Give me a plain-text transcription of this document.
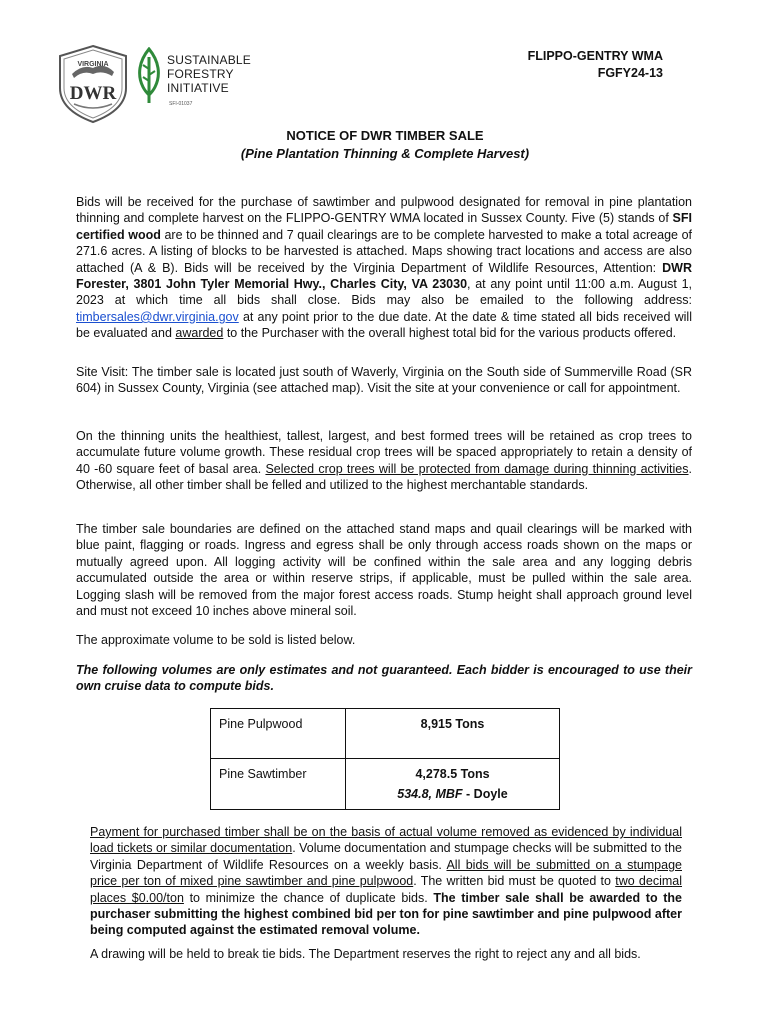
VIRGINIA
DWR
SUSTAINABLE
FORESTRY
INITIATIVE
SFI-01037
FLIPPO-GENTRY WMA
FGFY24-13
NOTICE OF DWR TIMBER SALE
(Pine Plantation Thinning & Complete Harvest)
Bids will be received for the purchase of sawtimber and pulpwood designated for removal in pine plantation thinning and complete harvest on the FLIPPO-GENTRY WMA located in Sussex County. Five (5) stands of SFI certified wood are to be thinned and 7 quail clearings are to be complete harvested to make a total acreage of 271.6 acres. A listing of blocks to be harvested is attached. Maps showing tract locations and access are also attached (A & B). Bids will be received by the Virginia Department of Wildlife Resources, Attention: DWR Forester, 3801 John Tyler Memorial Hwy., Charles City, VA 23030, at any point until 11:00 a.m. August 1, 2023 at which time all bids shall close. Bids may also be emailed to the following address: timbersales@dwr.virginia.gov at any point prior to the due date. At the date & time stated all bids received will be evaluated and awarded to the Purchaser with the overall highest total bid for the various products offered.
Site Visit: The timber sale is located just south of Waverly, Virginia on the South side of Summerville Road (SR 604) in Sussex County, Virginia (see attached map). Visit the site at your convenience or call for appointment.
On the thinning units the healthiest, tallest, largest, and best formed trees will be retained as crop trees to accumulate future volume growth. These residual crop trees will be spaced appropriately to retain a density of 40 -60 square feet of basal area. Selected crop trees will be protected from damage during thinning activities. Otherwise, all other timber shall be felled and utilized to the highest merchantable standards.
The timber sale boundaries are defined on the attached stand maps and quail clearings will be marked with blue paint, flagging or roads. Ingress and egress shall be only through access roads shown on the maps or mutually agreed upon. All logging activity will be confined within the sale area and any logging debris accumulated outside the area or within reserve strips, if applicable, must be pulled within the sale area. Logging slash will be removed from the major forest access roads. Stump height shall approach ground level and must not exceed 10 inches above mineral soil.
The approximate volume to be sold is listed below.
The following volumes are only estimates and not guaranteed. Each bidder is encouraged to use their own cruise data to compute bids.
Pine Pulpwood	8,915 Tons
Pine Sawtimber	4,278.5 Tons
534.8, MBF - Doyle
Payment for purchased timber shall be on the basis of actual volume removed as evidenced by individual load tickets or similar documentation. Volume documentation and stumpage checks will be submitted to the Virginia Department of Wildlife Resources on a weekly basis. All bids will be submitted on a stumpage price per ton of mixed pine sawtimber and pine pulpwood. The written bid must be quoted to two decimal places $0.00/ton to minimize the chance of duplicate bids. The timber sale shall be awarded to the purchaser submitting the highest combined bid per ton for pine sawtimber and pine pulpwood after being computed against the estimated removal volume.
A drawing will be held to break tie bids. The Department reserves the right to reject any and all bids.
